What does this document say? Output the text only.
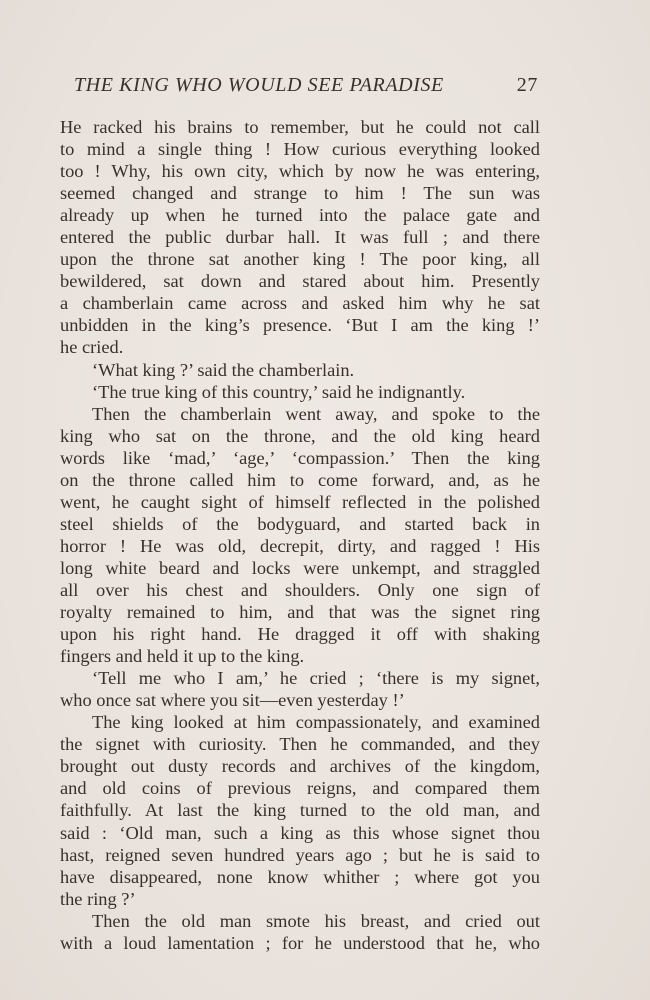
THE KING WHO WOULD SEE PARADISE	27
He racked his brains to remember, but he could not call
to mind a single thing ! How curious everything looked
too ! Why, his own city, which by now he was entering,
seemed changed and strange to him ! The sun was
already up when he turned into the palace gate and
entered the public durbar hall. It was full ; and there
upon the throne sat another king ! The poor king, all
bewildered, sat down and stared about him. Presently
a chamberlain came across and asked him why he sat
unbidden in the king’s presence. ‘But I am the king !’
he cried.
‘What king ?’ said the chamberlain.
‘The true king of this country,’ said he indignantly.
Then the chamberlain went away, and spoke to the
king who sat on the throne, and the old king heard
words like ‘mad,’ ‘age,’ ‘compassion.’ Then the king
on the throne called him to come forward, and, as he
went, he caught sight of himself reflected in the polished
steel shields of the bodyguard, and started back in
horror ! He was old, decrepit, dirty, and ragged ! His
long white beard and locks were unkempt, and straggled
all over his chest and shoulders. Only one sign of
royalty remained to him, and that was the signet ring
upon his right hand. He dragged it off with shaking
fingers and held it up to the king.
‘Tell me who I am,’ he cried ; ‘there is my signet,
who once sat where you sit—even yesterday !’
The king looked at him compassionately, and examined
the signet with curiosity. Then he commanded, and they
brought out dusty records and archives of the kingdom,
and old coins of previous reigns, and compared them
faithfully. At last the king turned to the old man, and
said : ‘Old man, such a king as this whose signet thou
hast, reigned seven hundred years ago ; but he is said to
have disappeared, none know whither ; where got you
the ring ?’
Then the old man smote his breast, and cried out
with a loud lamentation ; for he understood that he, who
